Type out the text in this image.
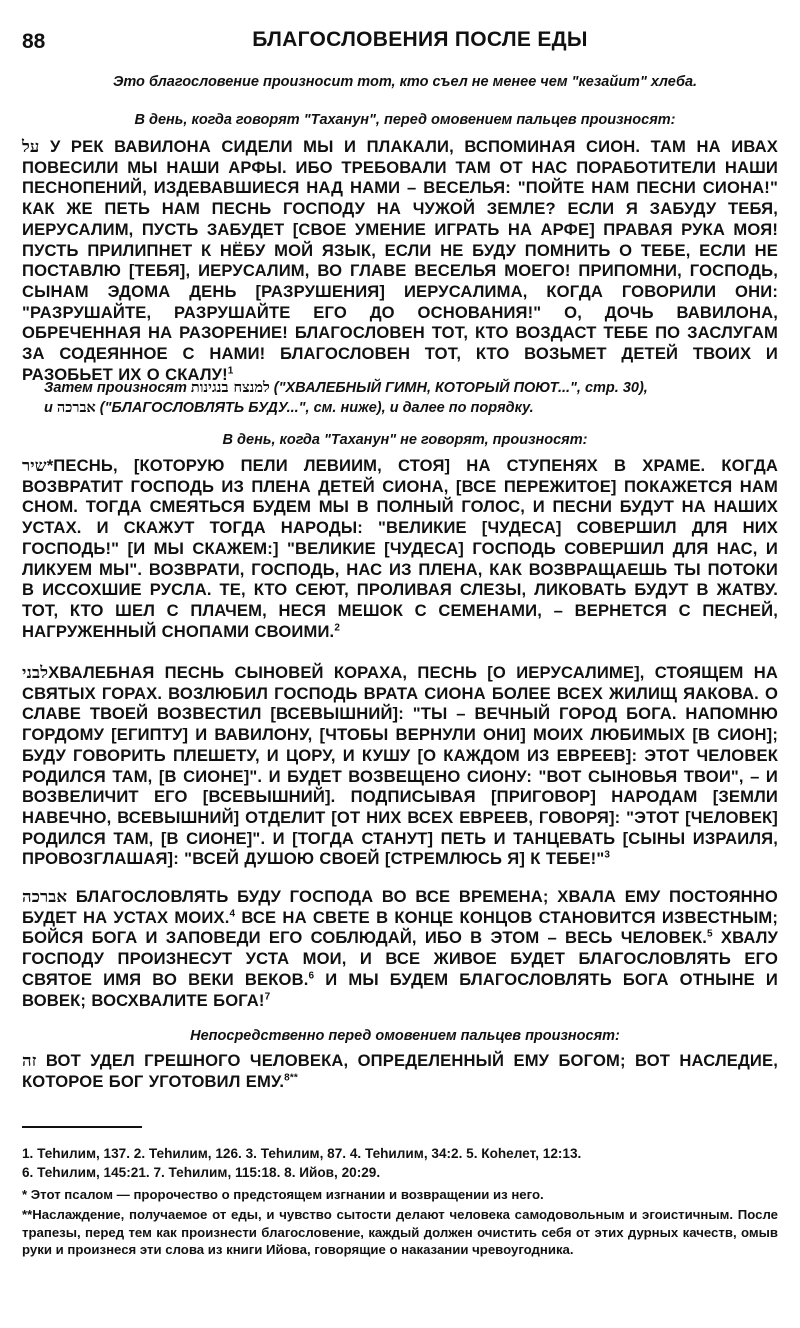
88	БЛАГОСЛОВЕНИЯ ПОСЛЕ ЕДЫ
Это благословение произносит тот, кто съел не менее чем "кезайит" хлеба.
В день, когда говорят "Таханун", перед омовением пальцев произносят:
על У РЕК ВАВИЛОНА СИДЕЛИ МЫ И ПЛАКАЛИ, ВСПОМИНАЯ СИОН. ТАМ НА ИВАХ ПОВЕСИЛИ МЫ НАШИ АРФЫ. ИБО ТРЕБОВАЛИ ТАМ ОТ НАС ПОРАБОТИТЕЛИ НАШИ ПЕСНОПЕНИЙ, ИЗДЕВАВШИЕСЯ НАД НАМИ – ВЕСЕЛЬЯ: "ПОЙТЕ НАМ ПЕСНИ СИОНА!" КАК ЖЕ ПЕТЬ НАМ ПЕСНЬ ГОСПОДУ НА ЧУЖОЙ ЗЕМЛЕ? ЕСЛИ Я ЗАБУДУ ТЕБЯ, ИЕРУСАЛИМ, ПУСТЬ ЗАБУДЕТ [СВОЕ УМЕНИЕ ИГРАТЬ НА АРФЕ] ПРАВАЯ РУКА МОЯ! ПУСТЬ ПРИЛИПНЕТ К НЁБУ МОЙ ЯЗЫК, ЕСЛИ НЕ БУДУ ПОМНИТЬ О ТЕБЕ, ЕСЛИ НЕ ПОСТАВЛЮ [ТЕБЯ], ИЕРУСАЛИМ, ВО ГЛАВЕ ВЕСЕЛЬЯ МОЕГО! ПРИПОМНИ, ГОСПОДЬ, СЫНАМ ЭДОМА ДЕНЬ [РАЗРУШЕНИЯ] ИЕРУСАЛИМА, КОГДА ГОВОРИЛИ ОНИ: "РАЗРУШАЙТЕ, РАЗРУШАЙТЕ ЕГО ДО ОСНОВАНИЯ!" О, ДОЧЬ ВАВИЛОНА, ОБРЕЧЕННАЯ НА РАЗОРЕНИЕ! БЛАГОСЛОВЕН ТОТ, КТО ВОЗДАСТ ТЕБЕ ПО ЗАСЛУГАМ ЗА СОДЕЯННОЕ С НАМИ! БЛАГОСЛОВЕН ТОТ, КТО ВОЗЬМЕТ ДЕТЕЙ ТВОИХ И РАЗОБЬЕТ ИХ О СКАЛУ!$^1$
Затем произносят למנצח בנגינות ("ХВАЛЕБНЫЙ ГИМН, КОТОРЫЙ ПОЮТ...", стр. 30),
и אברכה ("БЛАГОСЛОВЛЯТЬ БУДУ...", см. ниже), и далее по порядку.
В день, когда "Таханун" не говорят, произносят:
שיר*ПЕСНЬ, [КОТОРУЮ ПЕЛИ ЛЕВИИМ, СТОЯ] НА СТУПЕНЯХ В ХРАМЕ. КОГДА ВОЗВРАТИТ ГОСПОДЬ ИЗ ПЛЕНА ДЕТЕЙ СИОНА, [ВСЕ ПЕРЕЖИТОЕ] ПОКАЖЕТСЯ НАМ СНОМ. ТОГДА СМЕЯТЬСЯ БУДЕМ МЫ В ПОЛНЫЙ ГОЛОС, И ПЕСНИ БУДУТ НА НАШИХ УСТАХ. И СКАЖУТ ТОГДА НАРОДЫ: "ВЕЛИКИЕ [ЧУДЕСА] СОВЕРШИЛ ДЛЯ НИХ ГОСПОДЬ!" [И МЫ СКАЖЕМ:] "ВЕЛИКИЕ [ЧУДЕСА] ГОСПОДЬ СОВЕРШИЛ ДЛЯ НАС, И ЛИКУЕМ МЫ". ВОЗВРАТИ, ГОСПОДЬ, НАС ИЗ ПЛЕНА, КАК ВОЗВРАЩАЕШЬ ТЫ ПОТОКИ В ИССОХШИЕ РУСЛА. ТЕ, КТО СЕЮТ, ПРОЛИВАЯ СЛЕЗЫ, ЛИКОВАТЬ БУДУТ В ЖАТВУ. ТОТ, КТО ШЕЛ С ПЛАЧЕМ, НЕСЯ МЕШОК С СЕМЕНАМИ, – ВЕРНЕТСЯ С ПЕСНЕЙ, НАГРУЖЕННЫЙ СНОПАМИ СВОИМИ.$^2$
לבניХВАЛЕБНАЯ ПЕСНЬ СЫНОВЕЙ КОРАХА, ПЕСНЬ [О ИЕРУСАЛИМЕ], СТОЯЩЕМ НА СВЯТЫХ ГОРАХ. ВОЗЛЮБИЛ ГОСПОДЬ ВРАТА СИОНА БОЛЕЕ ВСЕХ ЖИЛИЩ ЯАКОВА. О СЛАВЕ ТВОЕЙ ВОЗВЕСТИЛ [ВСЕВЫШНИЙ]: "ТЫ – ВЕЧНЫЙ ГОРОД БОГА. НАПОМНЮ ГОРДОМУ [ЕГИПТУ] И ВАВИЛОНУ, [ЧТОБЫ ВЕРНУЛИ ОНИ] МОИХ ЛЮБИМЫХ [В СИОН]; БУДУ ГОВОРИТЬ ПЛЕШЕТУ, И ЦОРУ, И КУШУ [О КАЖДОМ ИЗ ЕВРЕЕВ]: ЭТОТ ЧЕЛОВЕК РОДИЛСЯ ТАМ, [В СИОНЕ]". И БУДЕТ ВОЗВЕЩЕНО СИОНУ: "ВОТ СЫНОВЬЯ ТВОИ", – И ВОЗВЕЛИЧИТ ЕГО [ВСЕВЫШНИЙ]. ПОДПИСЫВАЯ [ПРИГОВОР] НАРОДАМ [ЗЕМЛИ НАВЕЧНО, ВСЕВЫШНИЙ] ОТДЕЛИТ [ОТ НИХ ВСЕХ ЕВРЕЕВ, ГОВОРЯ]: "ЭТОТ [ЧЕЛОВЕК] РОДИЛСЯ ТАМ, [В СИОНЕ]". И [ТОГДА СТАНУТ] ПЕТЬ И ТАНЦЕВАТЬ [СЫНЫ ИЗРАИЛЯ, ПРОВОЗГЛАШАЯ]: "ВСЕЙ ДУШОЮ СВОЕЙ [СТРЕМЛЮСЬ Я] К ТЕБЕ!"$^3$
אברכה БЛАГОСЛОВЛЯТЬ БУДУ ГОСПОДА ВО ВСЕ ВРЕМЕНА; ХВАЛА ЕМУ ПОСТОЯННО БУДЕТ НА УСТАХ МОИХ.$^4$ ВСЕ НА СВЕТЕ В КОНЦЕ КОНЦОВ СТАНОВИТСЯ ИЗВЕСТНЫМ; БОЙСЯ БОГА И ЗАПОВЕДИ ЕГО СОБЛЮДАЙ, ИБО В ЭТОМ – ВЕСЬ ЧЕЛОВЕК.$^5$ ХВАЛУ ГОСПОДУ ПРОИЗНЕСУТ УСТА МОИ, И ВСЕ ЖИВОЕ БУДЕТ БЛАГОСЛОВЛЯТЬ ЕГО СВЯТОЕ ИМЯ ВО ВЕКИ ВЕКОВ.$^6$ И МЫ БУДЕМ БЛАГОСЛОВЛЯТЬ БОГА ОТНЫНЕ И ВОВЕК; ВОСХВАЛИТЕ БОГА!$^7$
Непосредственно перед омовением пальцев произносят:
זה ВОТ УДЕЛ ГРЕШНОГО ЧЕЛОВЕКА, ОПРЕДЕЛЕННЫЙ ЕМУ БОГОМ; ВОТ НАСЛЕДИЕ, КОТОРОЕ БОГ УГОТОВИЛ ЕМУ.$^{8**}$
1. Теһилим, 137. 2. Теһилим, 126. 3. Теһилим, 87. 4. Теһилим, 34:2. 5. Коһелет, 12:13.
6. Теһилим, 145:21. 7. Теһилим, 115:18. 8. Ийов, 20:29.
* Этот псалом — пророчество о предстоящем изгнании и возвращении из него.
**Наслаждение, получаемое от еды, и чувство сытости делают человека самодовольным и эгоистичным. После трапезы, перед тем как произнести благословение, каждый должен очистить себя от этих дурных качеств, омыв руки и произнеся эти слова из книги Ийова, говорящие о наказании чревоугодника.
